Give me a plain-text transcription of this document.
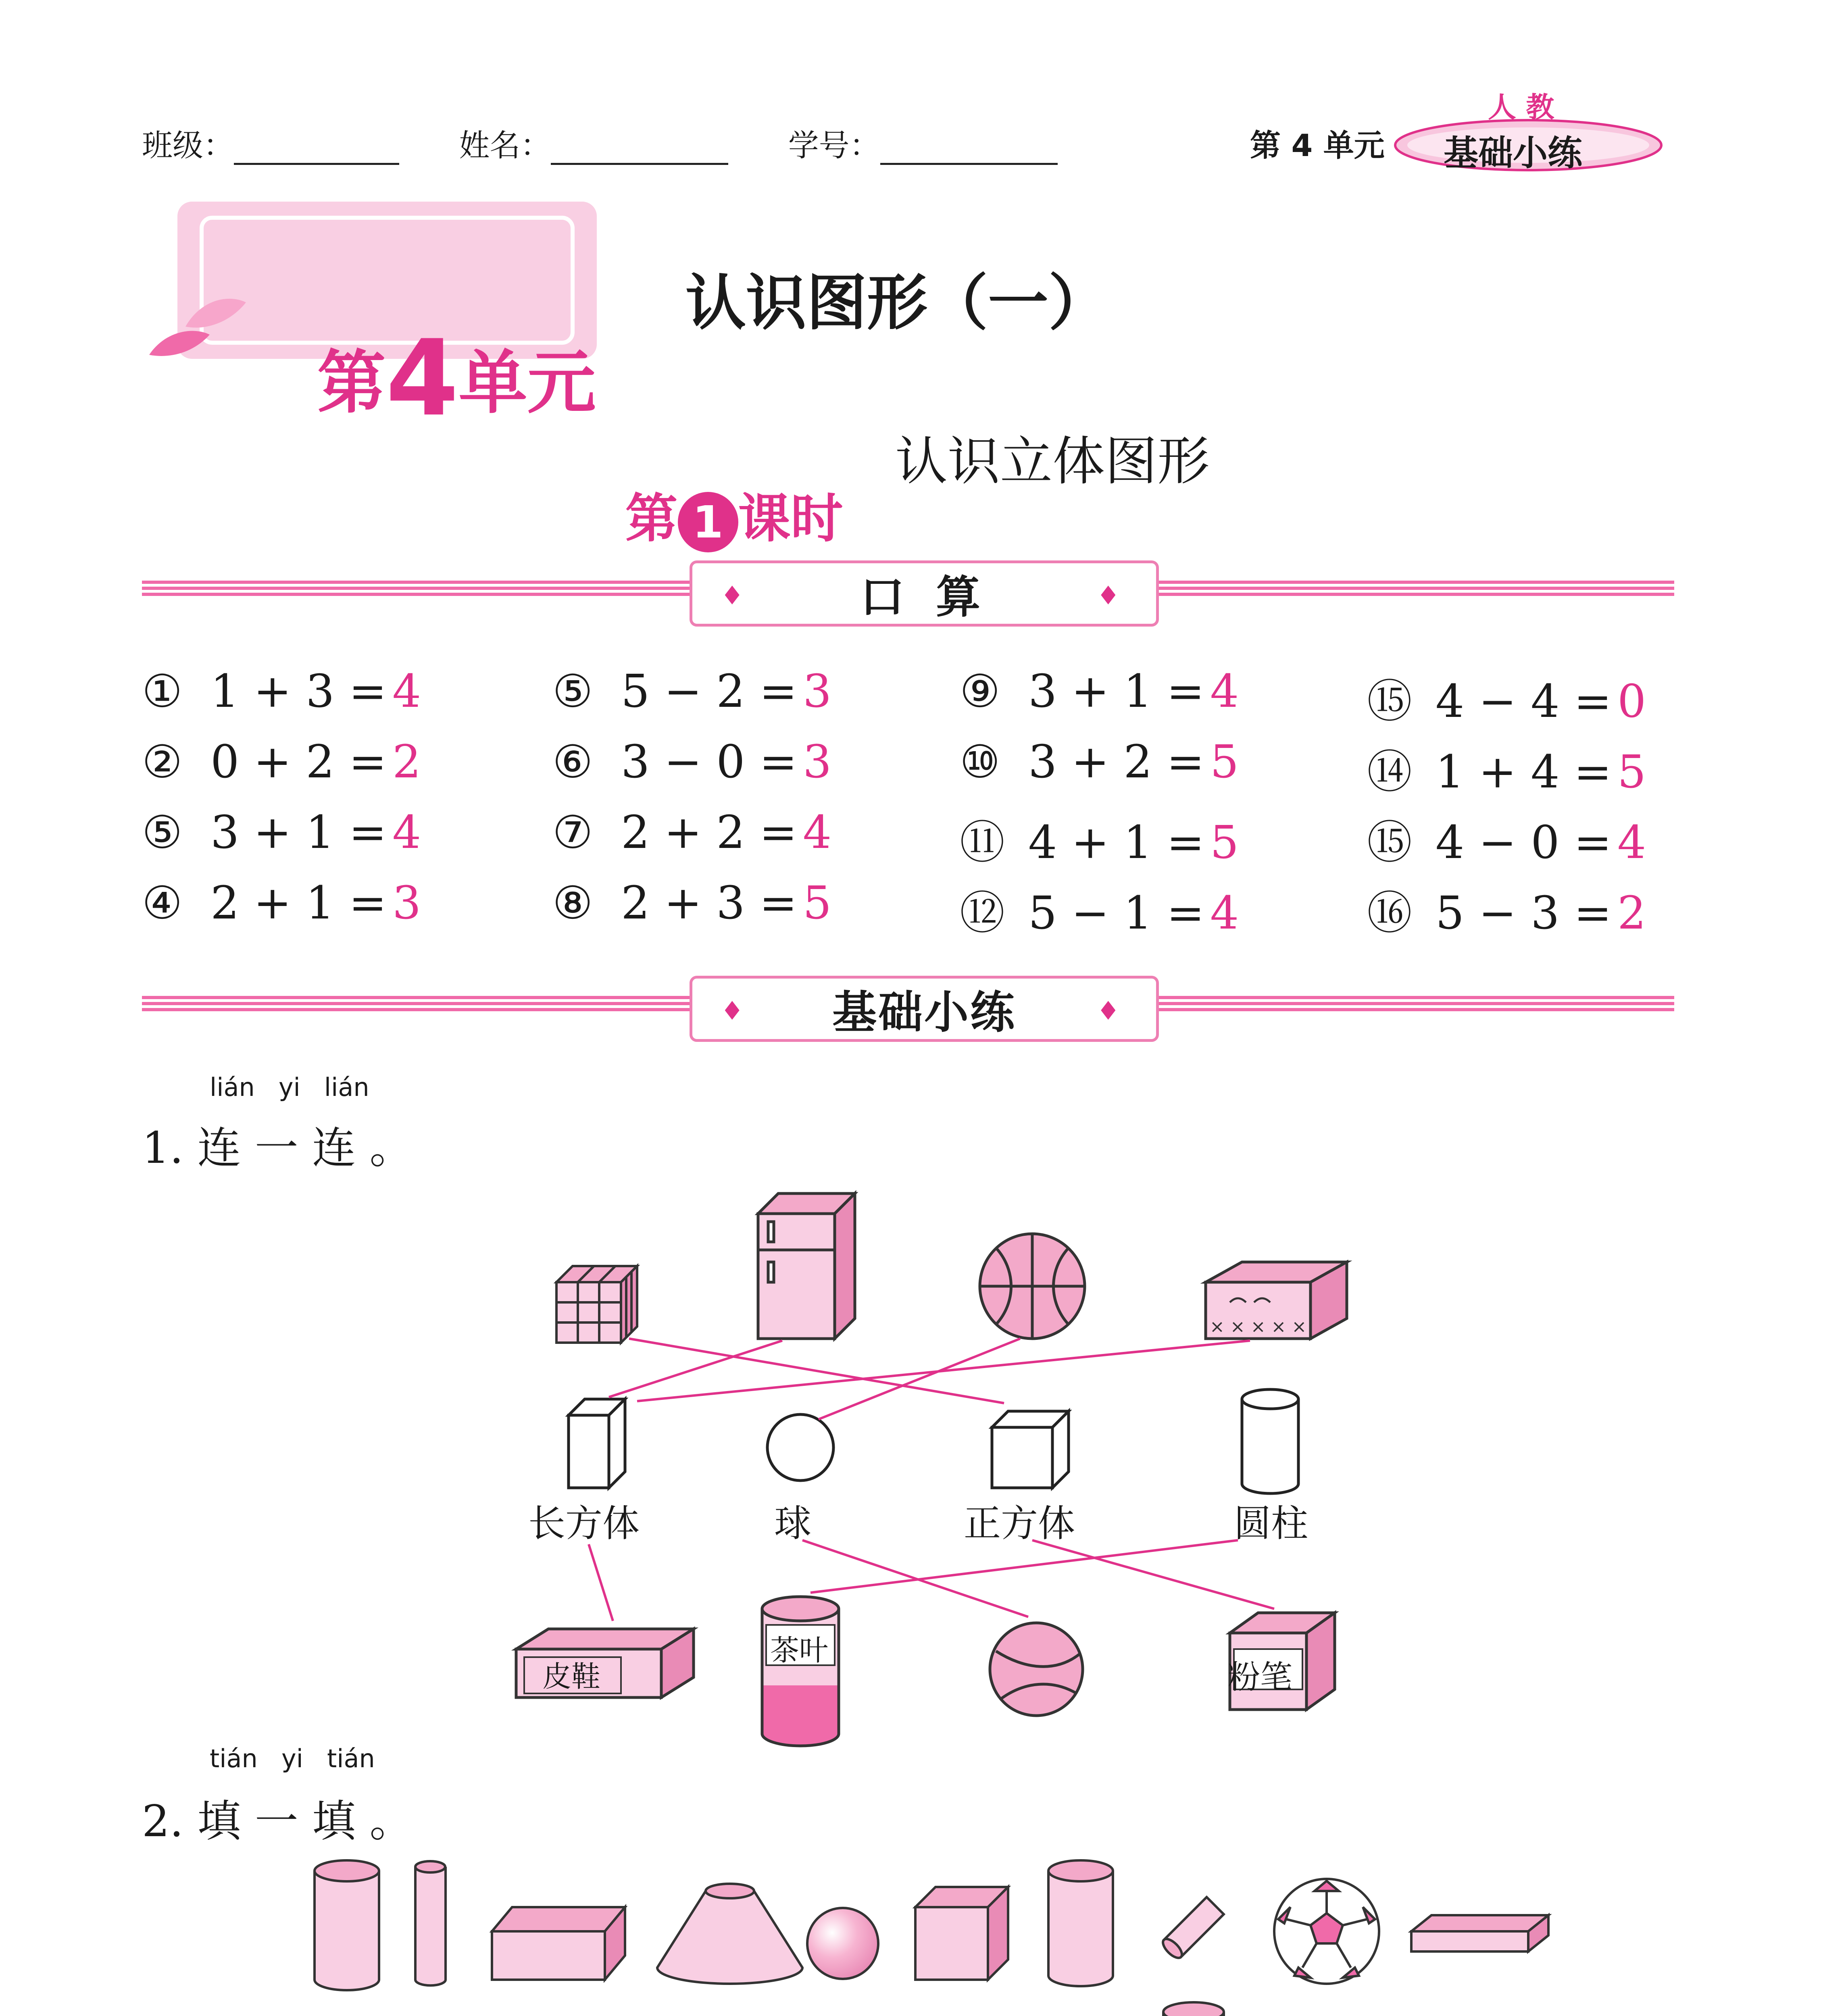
班级：	姓名：	学号：	第 4 单元
人 教
基础小练

第4单元

认识图形（一）

第 1 课时

认识立体图形
♦ 口 算	♦
① 1 + 3 = 4	⑤ 5 − 2 = 3	⑨ 3 + 1 = 4	⑮ 4 − 4 = 0
② 0 + 2 = 2	⑥ 3 − 0 = 3	⑩ 3 + 2 = 5	⑭ 1 + 4 = 5
⑤ 3 + 1 = 4	⑦ 2 + 2 = 4	⑪ 4 + 1 = 5	⑮ 4 − 0 = 4
④ 2 + 1 = 3	⑧ 2 + 3 = 5	⑫ 5 − 1 = 4	⑯ 5 − 3 = 2
♦ 基础小练	♦
lián   yi   lián
1. 连 一 连 。
× × × × ×
长方体	球	正方体	圆柱
皮鞋
茶叶
粉笔
tián   yi   tián
2. 填 一 填 。
